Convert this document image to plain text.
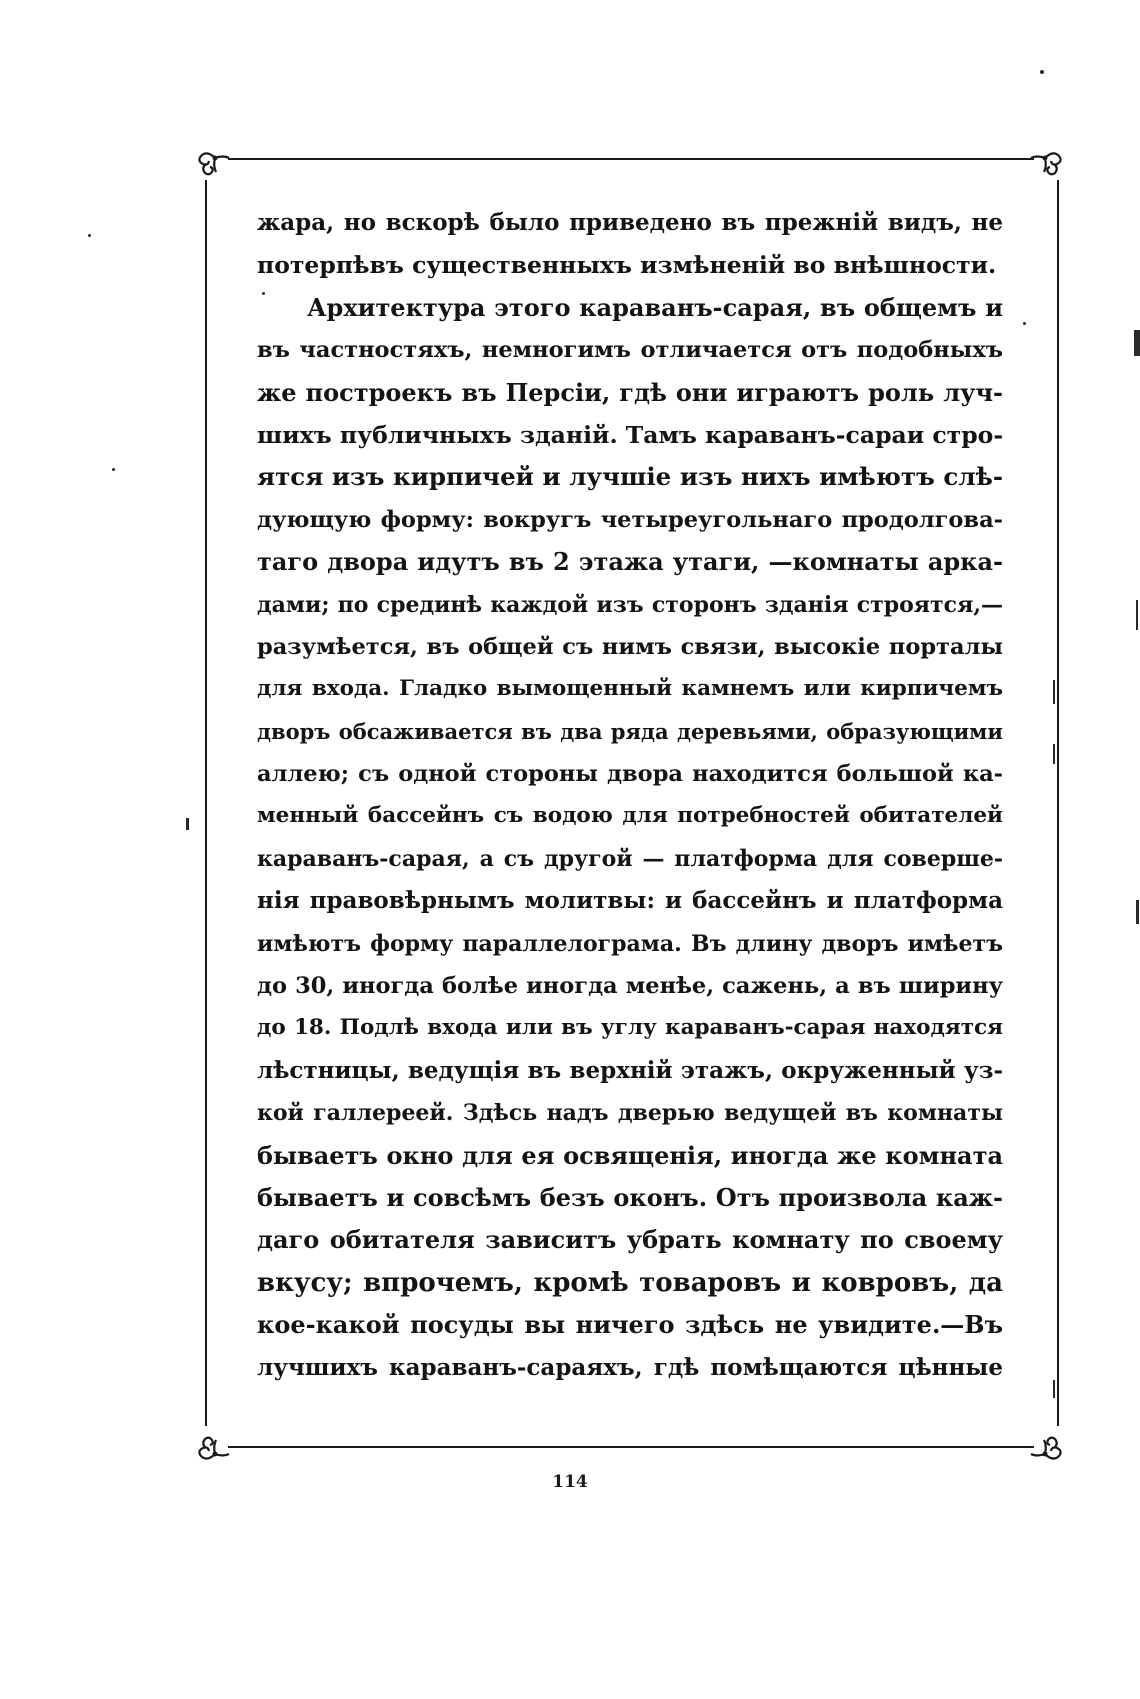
жара, но вскорѣ было приведено въ прежній видъ, не
потерпѣвъ существенныхъ измѣненій во внѣшности.
Архитектура этого караванъ-сарая, въ общемъ и
въ частностяхъ, немногимъ отличается отъ подобныхъ
же построекъ въ Персіи, гдѣ они играютъ роль луч-
шихъ публичныхъ зданій. Тамъ караванъ-сараи стро-
ятся изъ кирпичей и лучшіе изъ нихъ имѣютъ слѣ-
дующую форму: вокругъ четыреугольнаго продолгова-
таго двора идутъ въ 2 этажа утаги, —комнаты арка-
дами; по срединѣ каждой изъ сторонъ зданія строятся,—
разумѣется, въ общей съ нимъ связи, высокіе порталы
для входа. Гладко вымощенный камнемъ или кирпичемъ
дворъ обсаживается въ два ряда деревьями, образующими
аллею; съ одной стороны двора находится большой ка-
менный бассейнъ съ водою для потребностей обитателей
караванъ-сарая, а съ другой — платформа для соверше-
нія правовѣрнымъ молитвы: и бассейнъ и платформа
имѣютъ форму параллелограма. Въ длину дворъ имѣетъ
до 30, иногда болѣе иногда менѣе, сажень, а въ ширину
до 18. Подлѣ входа или въ углу караванъ-сарая находятся
лѣстницы, ведущія въ верхній этажъ, окруженный уз-
кой галлереей. Здѣсь надъ дверью ведущей въ комнаты
бываетъ окно для ея освященія, иногда же комната
бываетъ и совсѣмъ безъ оконъ. Отъ произвола каж-
даго обитателя зависитъ убрать комнату по своему
вкусу; впрочемъ, кромѣ товаровъ и ковровъ, да
кое-какой посуды вы ничего здѣсь не увидите.—Въ
лучшихъ караванъ-сараяхъ, гдѣ помѣщаются цѣнные
114
